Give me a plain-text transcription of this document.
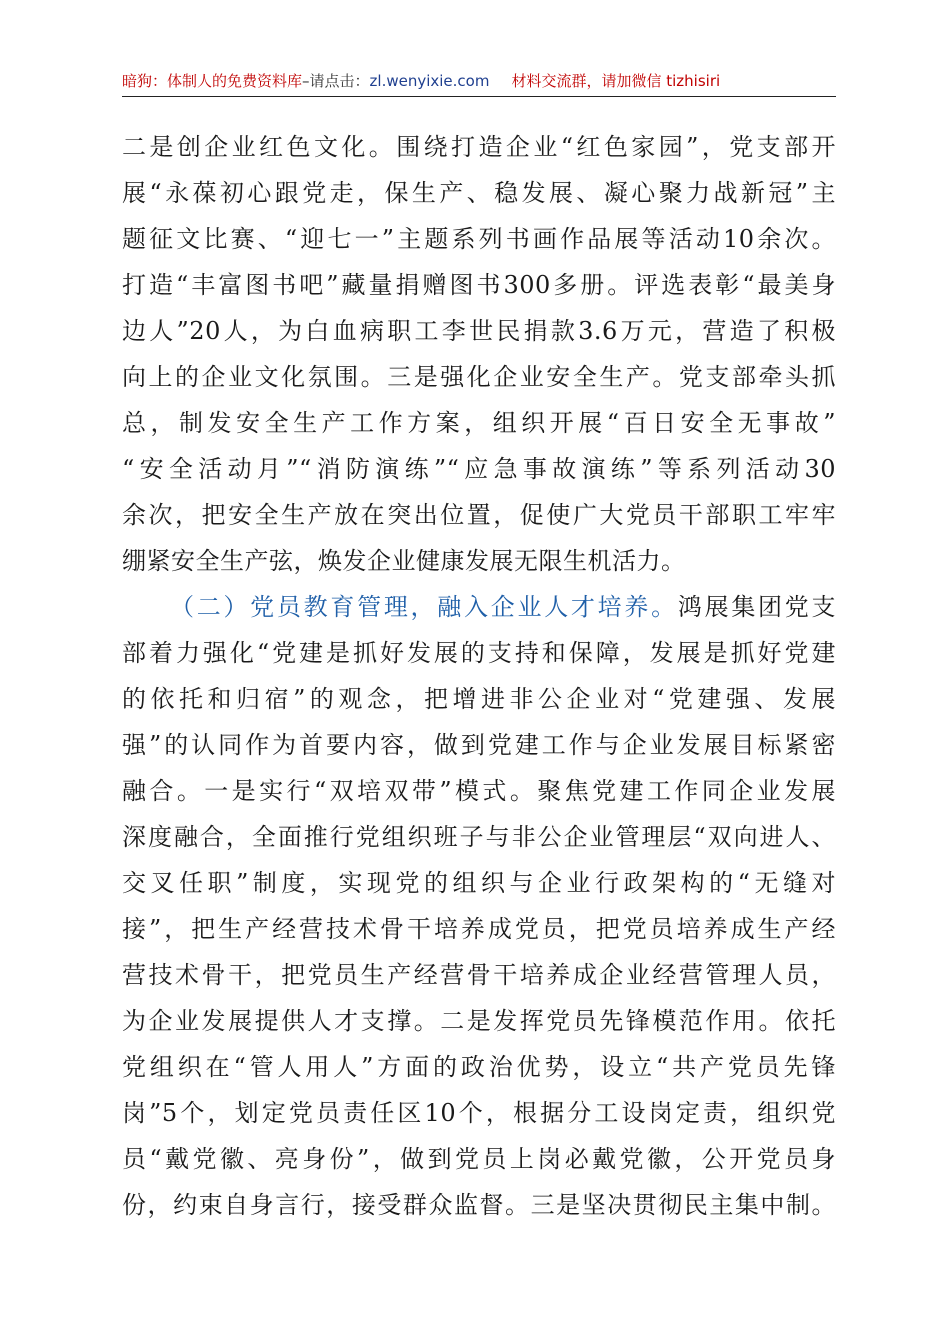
暗狗：体制人的免费资料库–请点击：zl.wenyixie.com 材料交流群，请加微信 tizhisiri
二是创企业红色文化。围绕打造企业“红色家园”，党支部开
展“永葆初心跟党走，保生产、稳发展、凝心聚力战新冠”主
题征文比赛、“迎七一”主题系列书画作品展等活动10余次。
打造“丰富图书吧”藏量捐赠图书300多册。评选表彰“最美身
边人”20人，为白血病职工李世民捐款3.6万元，营造了积极
向上的企业文化氛围。三是强化企业安全生产。党支部牵头抓
总，制发安全生产工作方案，组织开展“百日安全无事故”
“安全活动月”“消防演练”“应急事故演练”等系列活动30
余次，把安全生产放在突出位置，促使广大党员干部职工牢牢
绷紧安全生产弦，焕发企业健康发展无限生机活力。
（二）党员教育管理，融入企业人才培养。鸿展集团党支
部着力强化“党建是抓好发展的支持和保障，发展是抓好党建
的依托和归宿”的观念，把增进非公企业对“党建强、发展
强”的认同作为首要内容，做到党建工作与企业发展目标紧密
融合。一是实行“双培双带”模式。聚焦党建工作同企业发展
深度融合，全面推行党组织班子与非公企业管理层“双向进人、
交叉任职”制度，实现党的组织与企业行政架构的“无缝对
接”，把生产经营技术骨干培养成党员，把党员培养成生产经
营技术骨干，把党员生产经营骨干培养成企业经营管理人员，
为企业发展提供人才支撑。二是发挥党员先锋模范作用。依托
党组织在“管人用人”方面的政治优势，设立“共产党员先锋
岗”5个，划定党员责任区10个，根据分工设岗定责，组织党
员“戴党徽、亮身份”，做到党员上岗必戴党徽，公开党员身
份，约束自身言行，接受群众监督。三是坚决贯彻民主集中制。
